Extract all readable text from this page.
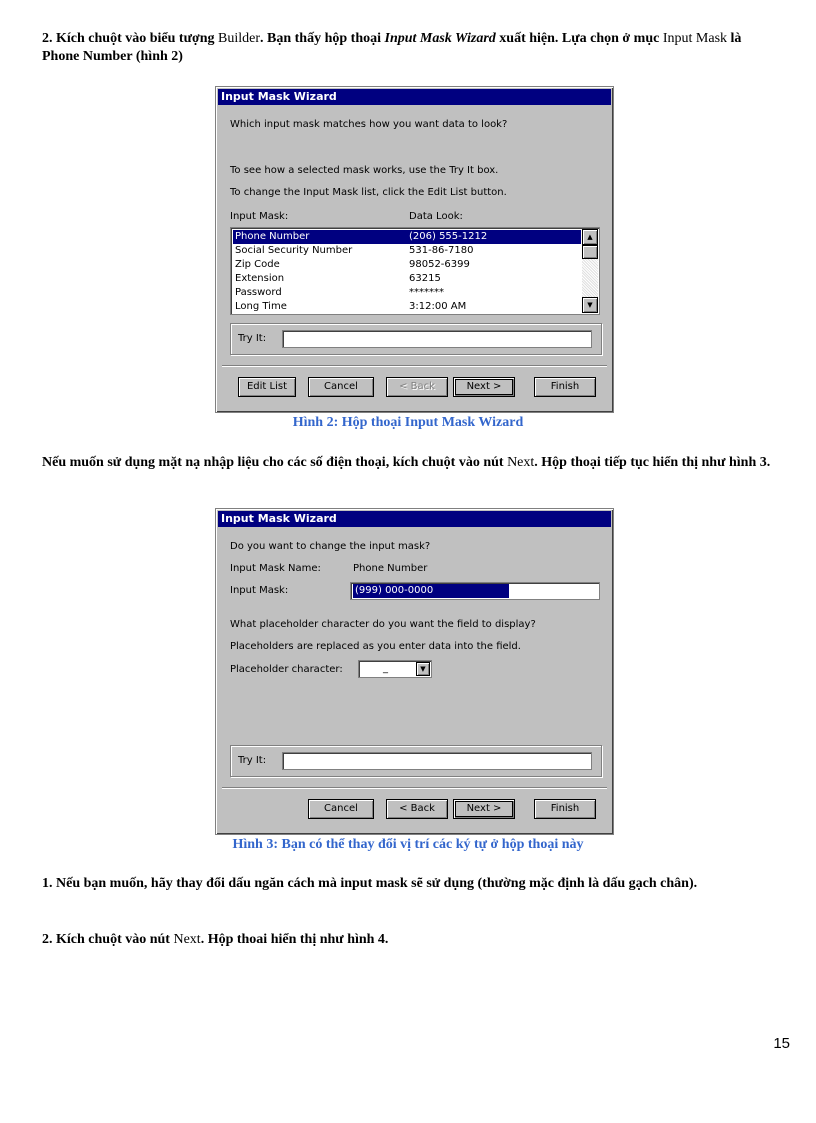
2. Kích chuột vào biểu tượng Builder. Bạn thấy hộp thoại Input Mask Wizard xuất hiện. Lựa chọn ở mục Input Mask là Phone Number (hình 2)
Input Mask Wizard
Which input mask matches how you want data to look?
To see how a selected mask works, use the Try It box.
To change the Input Mask list, click the Edit List button.
Input Mask:	Data Look:
Phone Number	(206) 555-1212
Social Security Number	531-86-7180
Zip Code	98052-6399
Extension	63215
Password	*******
Long Time	3:12:00 AM
▲
▼
Try It:
Edit List	Cancel	< Back	Next >	Finish
Hình 2: Hộp thoại Input Mask Wizard
Nếu muốn sử dụng mặt nạ nhập liệu cho các số điện thoại, kích chuột vào nút Next. Hộp thoại tiếp tục hiển thị như hình 3.
Input Mask Wizard
Do you want to change the input mask?
Input Mask Name:	Phone Number
Input Mask:	(999) 000-0000
What placeholder character do you want the field to display?
Placeholders are replaced as you enter data into the field.
Placeholder character:	_	▼
Try It:
Cancel	< Back	Next >	Finish
Hình 3: Bạn có thể thay đổi vị trí các ký tự ở hộp thoại này
1. Nếu bạn muốn, hãy thay đổi dấu ngăn cách mà input mask sẽ sử dụng (thường mặc định là dấu gạch chân).
2. Kích chuột vào nút Next. Hộp thoai hiển thị như hình 4.
15
